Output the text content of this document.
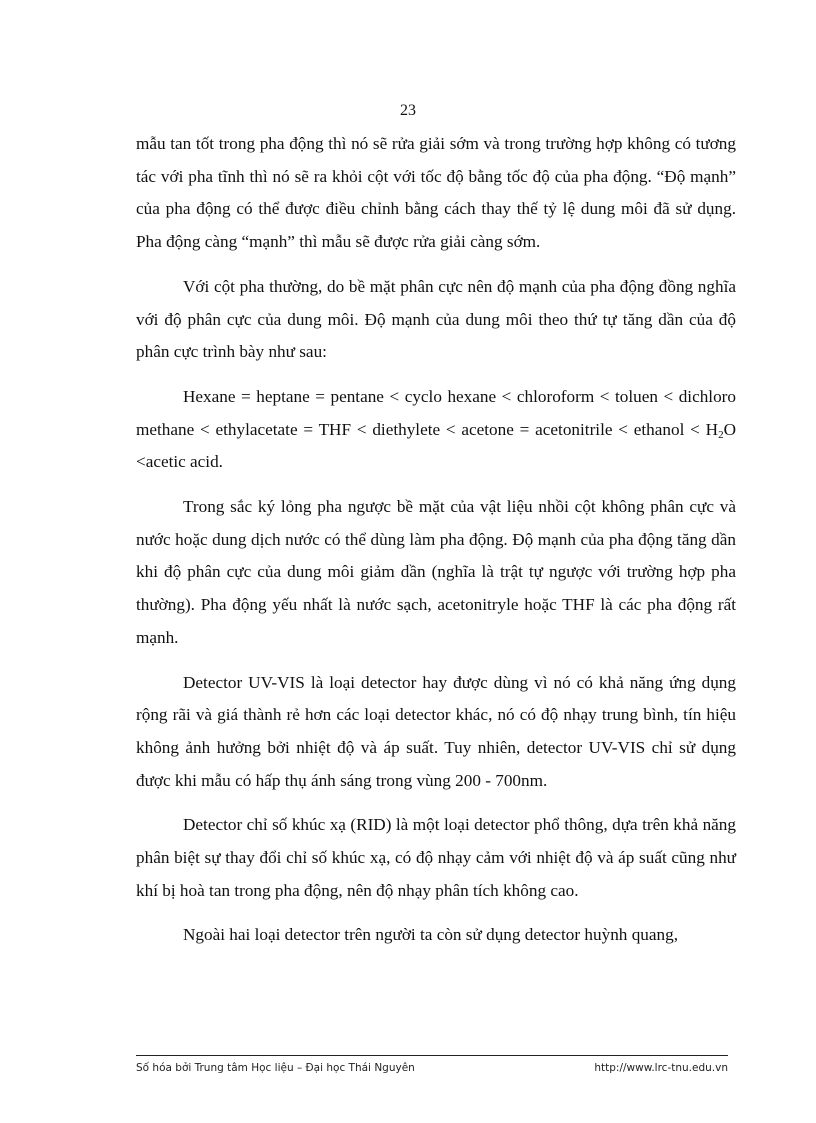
23

mẫu tan tốt trong pha động thì nó sẽ rửa giải sớm và trong trường hợp không có tương tác với pha tĩnh thì nó sẽ ra khỏi cột với tốc độ bằng tốc độ của pha động. “Độ mạnh” của pha động có thể được điều chỉnh bằng cách thay thế tỷ lệ dung môi đã sử dụng. Pha động càng “mạnh” thì mẫu sẽ được rửa giải càng sớm.

Với cột pha thường, do bề mặt phân cực nên độ mạnh của pha động đồng nghĩa với độ phân cực của dung môi. Độ mạnh của dung môi theo thứ tự tăng dần của độ phân cực trình bày như sau:

Hexane = heptane = pentane < cyclo hexane < chloroform < toluen < dichloro methane < ethylacetate = THF < diethylete < acetone = acetonitrile < ethanol < $H_2O$ <acetic acid.

Trong sắc ký lỏng pha ngược bề mặt của vật liệu nhồi cột không phân cực và nước hoặc dung dịch nước có thể dùng làm pha động. Độ mạnh của pha động tăng dần khi độ phân cực của dung môi giảm dần (nghĩa là trật tự ngược với trường hợp pha thường). Pha động yếu nhất là nước sạch, acetonitryle hoặc THF là các pha động rất mạnh.

Detector UV-VIS là loại detector hay được dùng vì nó có khả năng ứng dụng rộng rãi và giá thành rẻ hơn các loại detector khác, nó có độ nhạy trung bình, tín hiệu không ảnh hưởng bởi nhiệt độ và áp suất. Tuy nhiên, detector UV-VIS chỉ sử dụng được khi mẫu có hấp thụ ánh sáng trong vùng 200 - 700nm.

Detector chỉ số khúc xạ (RID) là một loại detector phổ thông, dựa trên khả năng phân biệt sự thay đổi chỉ số khúc xạ, có độ nhạy cảm với nhiệt độ và áp suất cũng như khí bị hoà tan trong pha động, nên độ nhạy phân tích không cao.

Ngoài hai loại detector trên người ta còn sử dụng detector huỳnh quang,

Số hóa bởi Trung tâm Học liệu – Đại học Thái Nguyên	http://www.lrc-tnu.edu.vn
